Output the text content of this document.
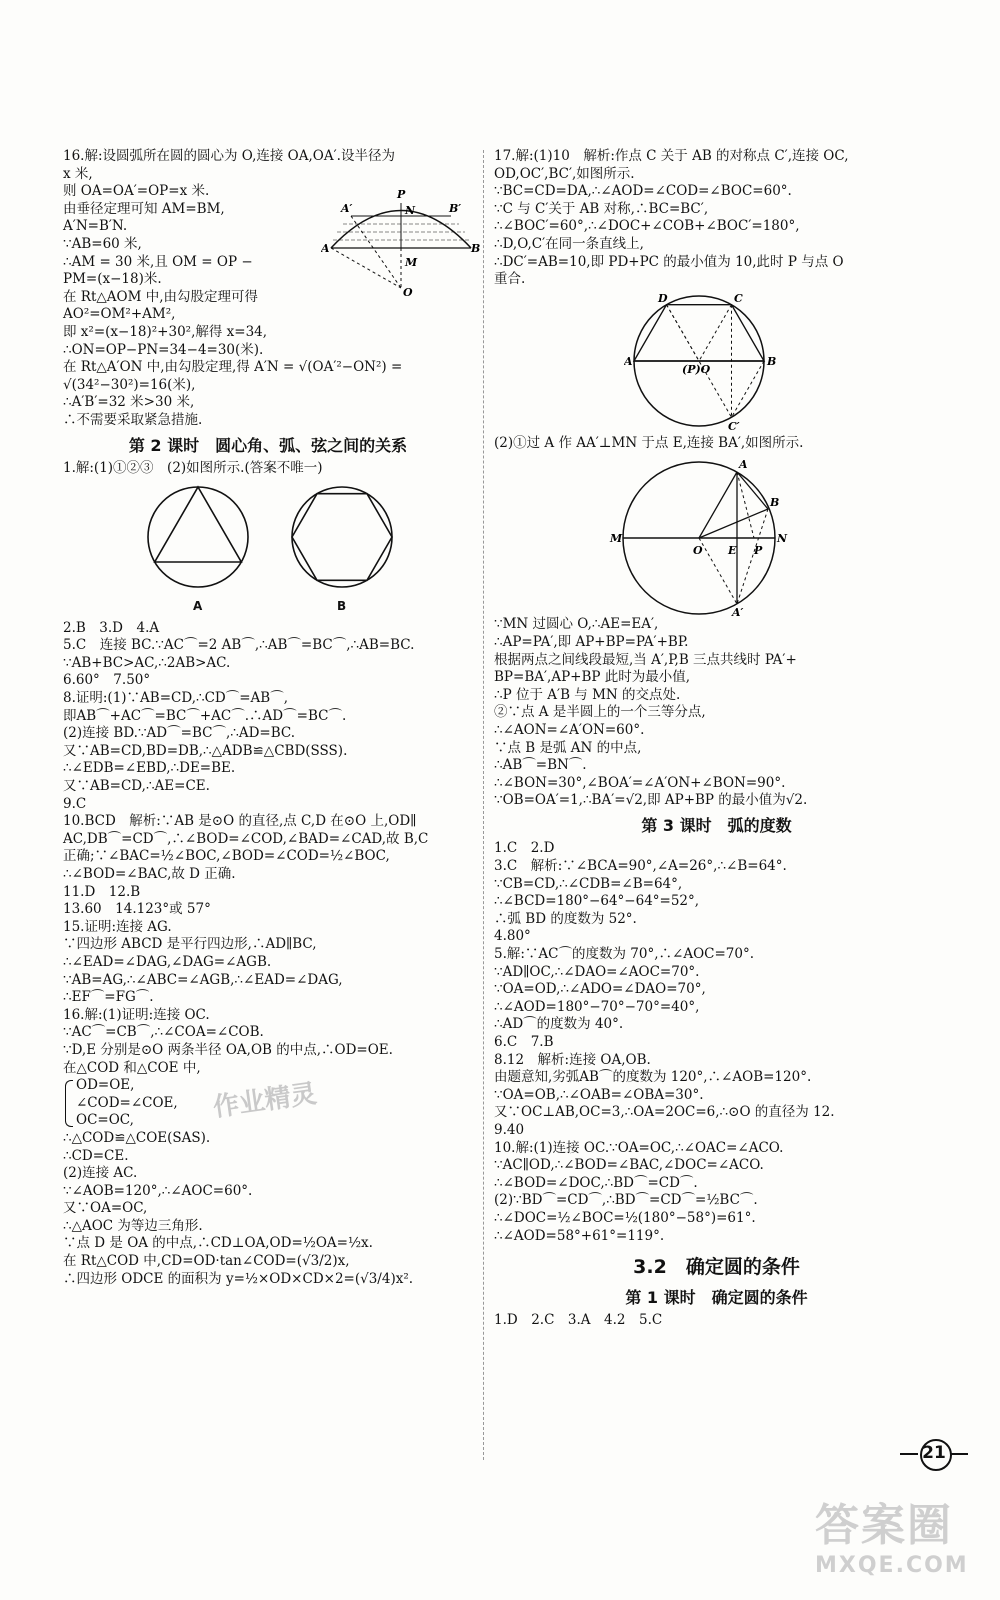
16.解:设圆弧所在圆的圆心为 O,连接 OA,OA′.设半径为
x 米,
则 OA=OA′=OP=x 米.
由垂径定理可知 AM=BM,
A′N=B′N.
∵AB=60 米,
∴AM = 30 米,且 OM = OP −
PM=(x−18)米.
在 Rt△AOM 中,由勾股定理可得
AO²=OM²+AM²,
即 x²=(x−18)²+30²,解得 x=34,
∴ON=OP−PN=34−4=30(米).
在 Rt△A′ON 中,由勾股定理,得 A′N = √(OA′²−ON²) =
√(34²−30²)=16(米),
∴A′B′=32 米>30 米,
∴不需要采取紧急措施.
P
A′	N	B′
A	B
M
O
第 2 课时　圆心角、弧、弦之间的关系
1.解:(1)①②③　(2)如图所示.(答案不唯一)
A	B
2.B　3.D　4.A
5.C　连接 BC.∵AC⌒=2 AB⌒,∴AB⌒=BC⌒,∴AB=BC.
∵AB+BC>AC,∴2AB>AC.
6.60°　7.50°
8.证明:(1)∵AB=CD,∴CD⌒=AB⌒,
即AB⌒+AC⌒=BC⌒+AC⌒.∴AD⌒=BC⌒.
(2)连接 BD.∵AD⌒=BC⌒,∴AD=BC.
又∵AB=CD,BD=DB,∴△ADB≌△CBD(SSS).
∴∠EDB=∠EBD,∴DE=BE.
又∵AB=CD,∴AE=CE.
9.C
10.BCD　解析:∵AB 是⊙O 的直径,点 C,D 在⊙O 上,OD∥
AC,DB⌒=CD⌒,∴∠BOD=∠COD,∠BAD=∠CAD,故 B,C
正确;∵∠BAC=½∠BOC,∠BOD=∠COD=½∠BOC,
∴∠BOD=∠BAC,故 D 正确.
11.D　12.B
13.60　14.123°或 57°
15.证明:连接 AG.
∵四边形 ABCD 是平行四边形,∴AD∥BC,
∴∠EAD=∠DAG,∠DAG=∠AGB.
∵AB=AG,∴∠ABC=∠AGB,∴∠EAD=∠DAG,
∴EF⌒=FG⌒.
16.解:(1)证明:连接 OC.
∵AC⌒=CB⌒,∴∠COA=∠COB.
∵D,E 分别是⊙O 两条半径 OA,OB 的中点,∴OD=OE.
在△COD 和△COE 中,
OD=OE,
∠COD=∠COE,
OC=OC,
∴△COD≌△COE(SAS).
∴CD=CE.
(2)连接 AC.
∵∠AOB=120°,∴∠AOC=60°.
又∵OA=OC,
∴△AOC 为等边三角形.
∵点 D 是 OA 的中点,∴CD⊥OA,OD=½OA=½x.
在 Rt△COD 中,CD=OD·tan∠COD=(√3/2)x,
∴四边形 ODCE 的面积为 y=½×OD×CD×2=(√3/4)x².
作业精灵
17.解:(1)10　解析:作点 C 关于 AB 的对称点 C′,连接 OC,
OD,OC′,BC′,如图所示.
∵BC=CD=DA,∴∠AOD=∠COD=∠BOC=60°.
∵C 与 C′关于 AB 对称,∴BC=BC′,
∴∠BOC′=60°,∴∠DOC+∠COB+∠BOC′=180°,
∴D,O,C′在同一条直线上,
∴DC′=AB=10,即 PD+PC 的最小值为 10,此时 P 与点 O
重合.
D	C
A
(P)O
B
C′
(2)①过 A 作 AA′⊥MN 于点 E,连接 BA′,如图所示.
A
B
M
O E P
N
A′
∵MN 过圆心 O,∴AE=EA′,
∴AP=PA′,即 AP+BP=PA′+BP.
根据两点之间线段最短,当 A′,P,B 三点共线时 PA′+
BP=BA′,AP+BP 此时为最小值,
∴P 位于 A′B 与 MN 的交点处.
②∵点 A 是半圆上的一个三等分点,
∴∠AON=∠A′ON=60°.
∵点 B 是弧 AN 的中点,
∴AB⌒=BN⌒.
∴∠BON=30°,∠BOA′=∠A′ON+∠BON=90°.
∵OB=OA′=1,∴BA′=√2,即 AP+BP 的最小值为√2.
第 3 课时　弧的度数
1.C　2.D
3.C　解析:∵∠BCA=90°,∠A=26°,∴∠B=64°.
∵CB=CD,∴∠CDB=∠B=64°,
∴∠BCD=180°−64°−64°=52°,
∴弧 BD 的度数为 52°.
4.80°
5.解:∵AC⌒的度数为 70°,∴∠AOC=70°.
∵AD∥OC,∴∠DAO=∠AOC=70°.
∵OA=OD,∴∠ADO=∠DAO=70°,
∴∠AOD=180°−70°−70°=40°,
∴AD⌒的度数为 40°.
6.C　7.B
8.12　解析:连接 OA,OB.
由题意知,劣弧AB⌒的度数为 120°,∴∠AOB=120°.
∵OA=OB,∴∠OAB=∠OBA=30°.
又∵OC⊥AB,OC=3,∴OA=2OC=6,∴⊙O 的直径为 12.
9.40
10.解:(1)连接 OC.∵OA=OC,∴∠OAC=∠ACO.
∵AC∥OD,∴∠BOD=∠BAC,∠DOC=∠ACO.
∴∠BOD=∠DOC,∴BD⌒=CD⌒.
(2)∵BD⌒=CD⌒,∴BD⌒=CD⌒=½BC⌒.
∴∠DOC=½∠BOC=½(180°−58°)=61°.
∴∠AOD=58°+61°=119°.
3.2　确定圆的条件
第 1 课时　确定圆的条件
1.D　2.C　3.A　4.2　5.C
21
答案圈
MXQE.COM
